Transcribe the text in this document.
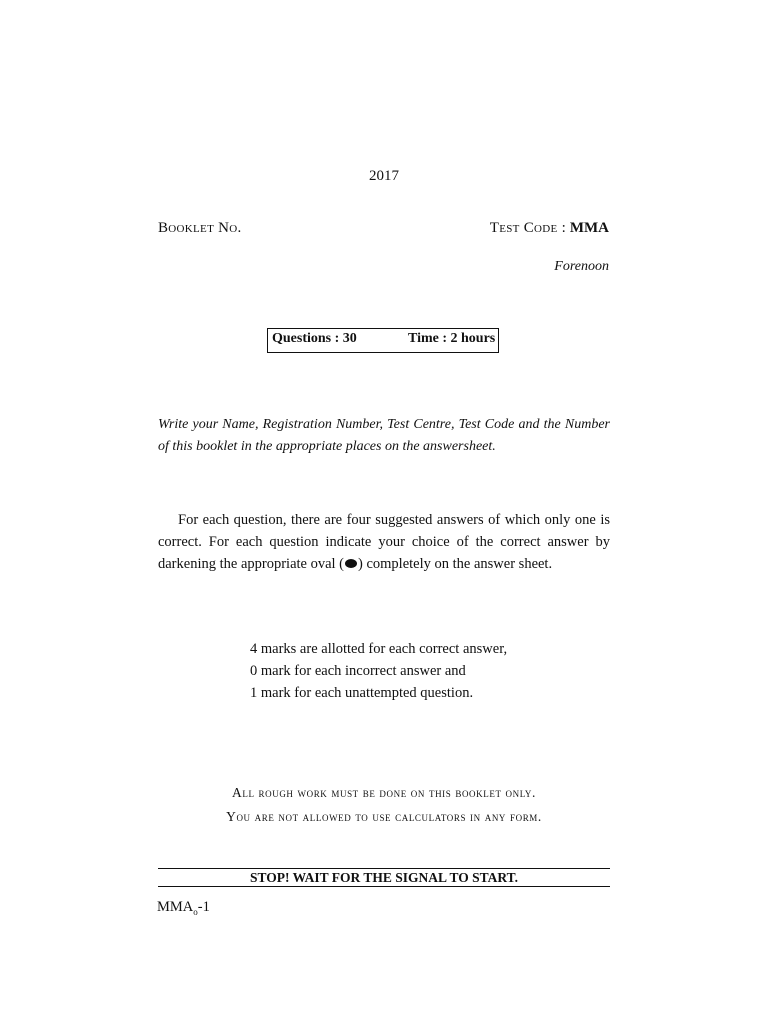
2017
Booklet No.	Test Code : MMA
Forenoon
Questions : 30	Time : 2 hours
Write your Name, Registration Number, Test Centre, Test Code and the Number of this booklet in the appropriate places on the answersheet.
For each question, there are four suggested answers of which only one is correct. For each question indicate your choice of the correct answer by darkening the appropriate oval ( ) completely on the answer sheet.
4 marks are allotted for each correct answer,
0 mark for each incorrect answer and
1 mark for each unattempted question.
All rough work must be done on this booklet only.
You are not allowed to use calculators in any form.
STOP! WAIT FOR THE SIGNAL TO START.
$MMA_o-1$
